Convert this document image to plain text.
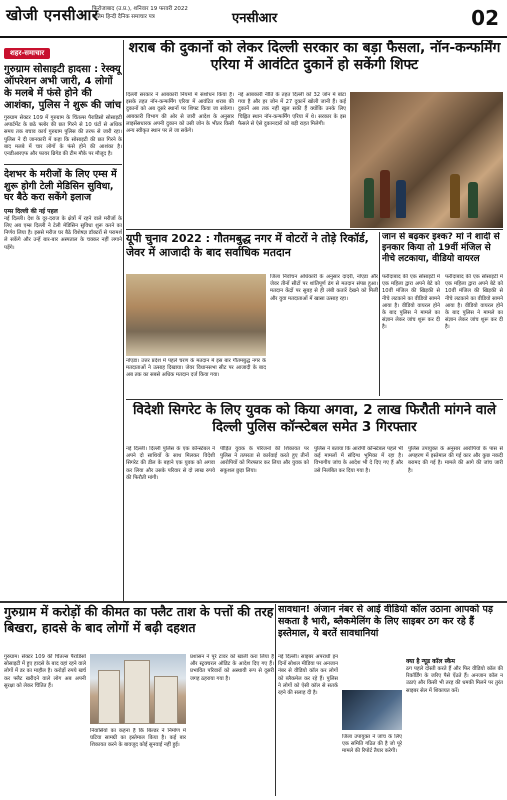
खोजी एनसीआर
फिरोजाबाद (उ.प्र.), शनिवार 19 फरवरी 2022
अंतिम हिन्दी दैनिक समाचार पत्र	एनसीआर	02
शहर-समाचार
गुरुग्राम सोसाइटी हादसा : रेस्क्यू ऑपरेशन अभी जारी, 4 लोगों के मलबे में फंसे होने की आशंका, पुलिस ने शुरू की जांच
गुरुग्राम सेक्टर 109 में गुरुग्राम के चिंतल्स पैराडिसो सोसाइटी अपार्टमेंट के छठे फ्लोर की छत गिरने से 10 घंटों से अधिक समय तक बचाव कार्य गुरुग्राम पुलिस की तरफ से जारी रहा। पुलिस ने दी जानकारी में कहा कि सोसाइटी की छत गिरने के बाद मलबे में चार लोगों के फंसे होने की आशंका है। एनडीआरएफ और फायर ब्रिगेड की टीम मौके पर मौजूद है।
देशभर के मरीजों के लिए एम्स में शुरू होगी टेली मेडिसिन सुविधा, घर बैठे करा सकेंगे इलाज
एम्स दिल्ली की नई पहल
नई दिल्ली। देश के दूर-दराज के क्षेत्रों में रहने वाले मरीजों के लिए अब एम्स दिल्ली ने टेली मेडिसिन सुविधा शुरू करने का निर्णय लिया है। इससे मरीज घर बैठे विशेषज्ञ डॉक्टरों से परामर्श ले सकेंगे और उन्हें बार-बार अस्पताल के चक्कर नहीं लगाने पड़ेंगे।
शराब की दुकानों को लेकर दिल्ली सरकार का बड़ा फैसला, नॉन-कन्फर्मिंग एरिया में आवंटित दुकानें हो सकेंगी शिफ्ट
दिल्ली सरकार ने आबकारी नियमों में संशोधन किया है। इसके तहत नॉन-कन्फर्मिंग एरिया में आवंटित शराब की दुकानों को अब दूसरे स्थानों पर शिफ्ट किया जा सकेगा। आबकारी विभाग की ओर से जारी आदेश के अनुसार लाइसेंसधारक अपनी दुकान को उसी जोन के भीतर किसी अन्य स्वीकृत स्थान पर ले जा सकेंगे।
नई आबकारी नीति के तहत दिल्ली को 32 जोन में बांटा गया है और हर जोन में 27 दुकानें खोली जानी हैं। कई दुकानें अब तक नहीं खुल सकी हैं क्योंकि उनके लिए चिह्नित स्थान नॉन-कन्फर्मिंग एरिया में थे। सरकार के इस फैसले से ऐसे दुकानदारों को बड़ी राहत मिलेगी।
यूपी चुनाव 2022 : गौतमबुद्ध नगर में वोटरों ने तोड़े रिकॉर्ड, जेवर में आजादी के बाद सर्वाधिक मतदान
नोएडा। उत्तर प्रदेश में पहले चरण के मतदान में इस बार गौतमबुद्ध नगर के मतदाताओं ने उत्साह दिखाया। जेवर विधानसभा सीट पर आजादी के बाद अब तक का सबसे अधिक मतदान दर्ज किया गया।
जिला निर्वाचन अधिकारी के अनुसार दादरी, नोएडा और जेवर तीनों सीटों पर शांतिपूर्ण ढंग से मतदान संपन्न हुआ। मतदान केंद्रों पर सुबह से ही लंबी कतारें देखने को मिलीं और युवा मतदाताओं में खासा उत्साह रहा।
जान से बढ़कर इश्क? मां ने शादी से इनकार किया तो 19वीं मंजिल से नीचे लटकाया, वीडियो वायरल
फरीदाबाद की एक सोसाइटी में एक महिला द्वारा अपने बेटे को 10वीं मंजिल की खिड़की से नीचे लटकाने का वीडियो सामने आया है। वीडियो वायरल होने के बाद पुलिस ने मामले का संज्ञान लेकर जांच शुरू कर दी है।
फरीदाबाद की एक सोसाइटी में एक महिला द्वारा अपने बेटे को 10वीं मंजिल की खिड़की से नीचे लटकाने का वीडियो सामने आया है। वीडियो वायरल होने के बाद पुलिस ने मामले का संज्ञान लेकर जांच शुरू कर दी है।
विदेशी सिगरेट के लिए युवक को किया अगवा, 2 लाख फिरौती मांगने वाले दिल्ली पुलिस कॉन्स्टेबल समेत 3 गिरफ्तार
नई दिल्ली। दिल्ली पुलिस के एक कॉन्स्टेबल ने अपने दो साथियों के साथ मिलकर विदेशी सिगरेट की डील के बहाने एक युवक को अगवा कर लिया और उसके परिवार से दो लाख रुपये की फिरौती मांगी।
पीड़ित युवक के परिजनों की शिकायत पर पुलिस ने तत्परता से कार्रवाई करते हुए तीनों आरोपियों को गिरफ्तार कर लिया और युवक को सकुशल छुड़ा लिया।
पुलिस ने बताया कि आरोपी कॉन्स्टेबल पहले भी कई मामलों में संदिग्ध भूमिका में रहा है। विभागीय जांच के आदेश भी दे दिए गए हैं और उसे निलंबित कर दिया गया है।
पुलिस उपायुक्त के अनुसार आरोपियों के पास से अपहरण में इस्तेमाल की गई कार और कुछ नकदी बरामद की गई है। मामले की आगे की जांच जारी है।
गुरुग्राम में करोड़ों की कीमत का फ्लैट ताश के पत्तों की तरह बिखरा, हादसे के बाद लोगों में बढ़ी दहशत
गुरुग्राम। सेक्टर 109 की चिंतल्स पैराडिसो सोसाइटी में हुए हादसे के बाद वहां रहने वाले लोगों में डर का माहौल है। करोड़ों रुपये खर्च कर फ्लैट खरीदने वाले लोग अब अपनी सुरक्षा को लेकर चिंतित हैं।
निवासियों का कहना है कि बिल्डर ने निर्माण में घटिया सामग्री का इस्तेमाल किया है। कई बार शिकायत करने के बावजूद कोई सुनवाई नहीं हुई।
प्रशासन ने पूरे टावर को खाली करा लिया है और स्ट्रक्चरल ऑडिट के आदेश दिए गए हैं। प्रभावित परिवारों को अस्थायी रूप से दूसरी जगह ठहराया गया है।
सावधान! अंजान नंबर से आई वीडियो कॉल उठाना आपको पड़ सकता है भारी, ब्लैकमेलिंग के लिए साइबर ठग कर रहे हैं इस्तेमाल, ये बरतें सावधानियां
नई दिल्ली। साइबर अपराधी इन दिनों सोशल मीडिया पर अनजान नंबर से वीडियो कॉल कर लोगों को ब्लैकमेल कर रहे हैं। पुलिस ने लोगों को ऐसी कॉल से सतर्क रहने की सलाह दी है।
जिला उपायुक्त ने जांच के लिए एक समिति गठित की है जो पूरे मामले की रिपोर्ट तैयार करेगी।
क्या है न्यूड कॉल स्कैम
ठग पहले दोस्ती करते हैं और फिर वीडियो कॉल की रिकॉर्डिंग के जरिए पैसे ऐंठते हैं। अनजान कॉल न उठाएं और किसी भी तरह की धमकी मिलने पर तुरंत साइबर सेल में शिकायत करें।
